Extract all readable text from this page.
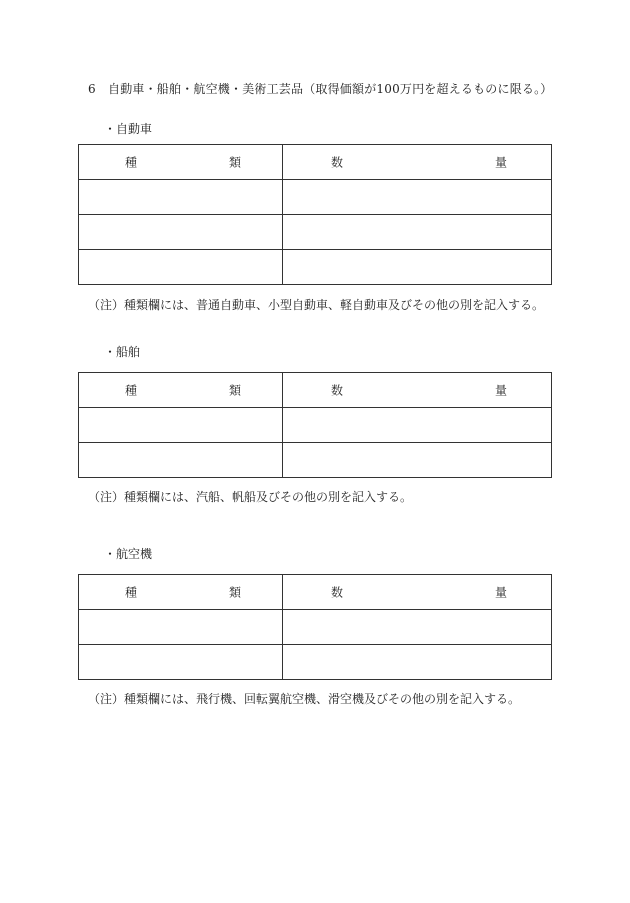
6 自動車・船舶・航空機・美術工芸品（取得価額が100万円を超えるものに限る。）
・自動車
種 類	数 量

（注）種類欄には、普通自動車、小型自動車、軽自動車及びその他の別を記入する。
・船舶
種 類	数 量

（注）種類欄には、汽船、帆船及びその他の別を記入する。
・航空機
種 類	数 量

（注）種類欄には、飛行機、回転翼航空機、滑空機及びその他の別を記入する。
